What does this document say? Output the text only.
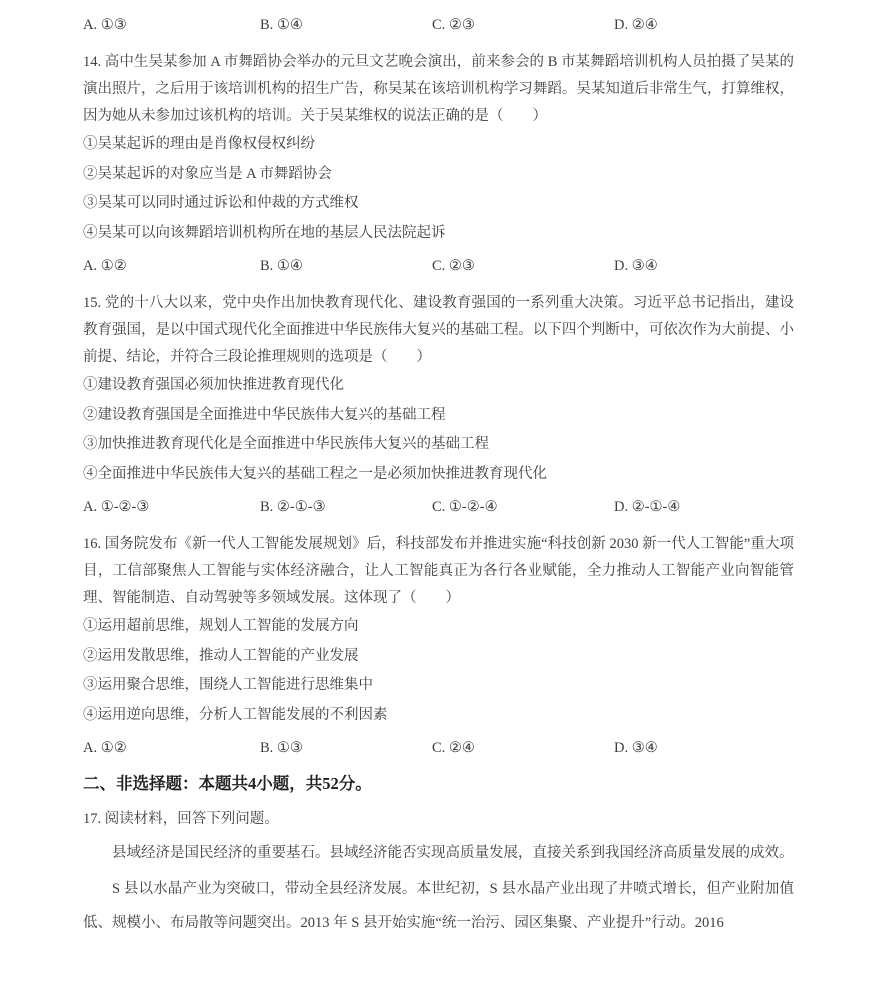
A. ①③	B. ①④	C. ②③	D. ②④

14. 高中生吴某参加 A 市舞蹈协会举办的元旦文艺晚会演出，前来参会的 B 市某舞蹈培训机构人员拍摄了吴某的演出照片，之后用于该培训机构的招生广告，称吴某在该培训机构学习舞蹈。吴某知道后非常生气，打算维权，因为她从未参加过该机构的培训。关于吴某维权的说法正确的是（　　）

①吴某起诉的理由是肖像权侵权纠纷

②吴某起诉的对象应当是 A 市舞蹈协会

③吴某可以同时通过诉讼和仲裁的方式维权

④吴某可以向该舞蹈培训机构所在地的基层人民法院起诉

A. ①②	B. ①④	C. ②③	D. ③④

15. 党的十八大以来，党中央作出加快教育现代化、建设教育强国的一系列重大决策。习近平总书记指出，建设教育强国，是以中国式现代化全面推进中华民族伟大复兴的基础工程。以下四个判断中，可依次作为大前提、小前提、结论，并符合三段论推理规则的选项是（　　）

①建设教育强国必须加快推进教育现代化

②建设教育强国是全面推进中华民族伟大复兴的基础工程

③加快推进教育现代化是全面推进中华民族伟大复兴的基础工程

④全面推进中华民族伟大复兴的基础工程之一是必须加快推进教育现代化

A. ①-②-③	B. ②-①-③	C. ①-②-④	D. ②-①-④

16. 国务院发布《新一代人工智能发展规划》后，科技部发布并推进实施“科技创新 2030 新一代人工智能”重大项目，工信部聚焦人工智能与实体经济融合，让人工智能真正为各行各业赋能，全力推动人工智能产业向智能管理、智能制造、自动驾驶等多领域发展。这体现了（　　）

①运用超前思维，规划人工智能的发展方向

②运用发散思维，推动人工智能的产业发展

③运用聚合思维，围绕人工智能进行思维集中

④运用逆向思维，分析人工智能发展的不利因素

A. ①②	B. ①③	C. ②④	D. ③④
二、非选择题：本题共4小题，共52分。

17. 阅读材料，回答下列问题。

县域经济是国民经济的重要基石。县域经济能否实现高质量发展，直接关系到我国经济高质量发展的成效。

S 县以水晶产业为突破口，带动全县经济发展。本世纪初，S 县水晶产业出现了井喷式增长，但产业附加值低、规模小、布局散等问题突出。2013 年 S 县开始实施“统一治污、园区集聚、产业提升”行动。2016
